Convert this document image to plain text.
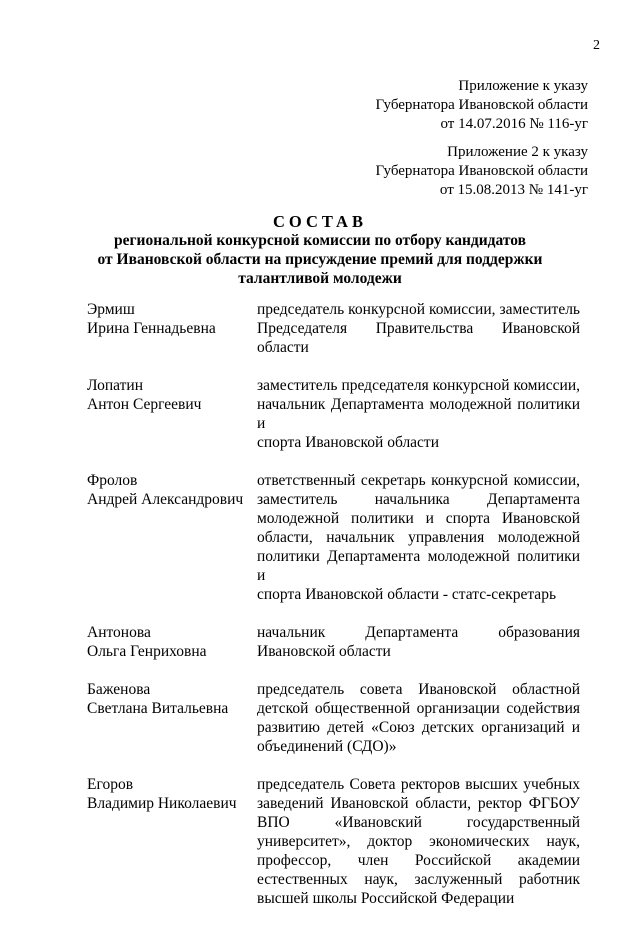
2
Приложение к указу
Губернатора Ивановской области
от 14.07.2016 № 116-уг
Приложение 2 к указу
Губернатора Ивановской области
от 15.08.2013 № 141-уг
СОСТАВ
региональной конкурсной комиссии по отбору кандидатов
от Ивановской области на присуждение премий для поддержки
талантливой молодежи
Эрмиш
Ирина Геннадьевна
председатель конкурсной комиссии, заместитель
Председателя Правительства Ивановской
области
Лопатин
Антон Сергеевич
заместитель председателя конкурсной комиссии,
начальник Департамента молодежной политики и
спорта Ивановской области
Фролов
Андрей Александрович
ответственный секретарь конкурсной комиссии,
заместитель начальника Департамента
молодежной политики и спорта Ивановской
области, начальник управления молодежной
политики Департамента молодежной политики и
спорта Ивановской области - статс-секретарь
Антонова
Ольга Генриховна
начальник Департамента образования
Ивановской области
Баженова
Светлана Витальевна
председатель совета Ивановской областной
детской общественной организации содействия
развитию детей «Союз детских организаций и
объединений (СДО)»
Егоров
Владимир Николаевич
председатель Совета ректоров высших учебных
заведений Ивановской области, ректор ФГБОУ
ВПО «Ивановский государственный
университет», доктор экономических наук,
профессор, член Российской академии
естественных наук, заслуженный работник
высшей школы Российской Федерации
